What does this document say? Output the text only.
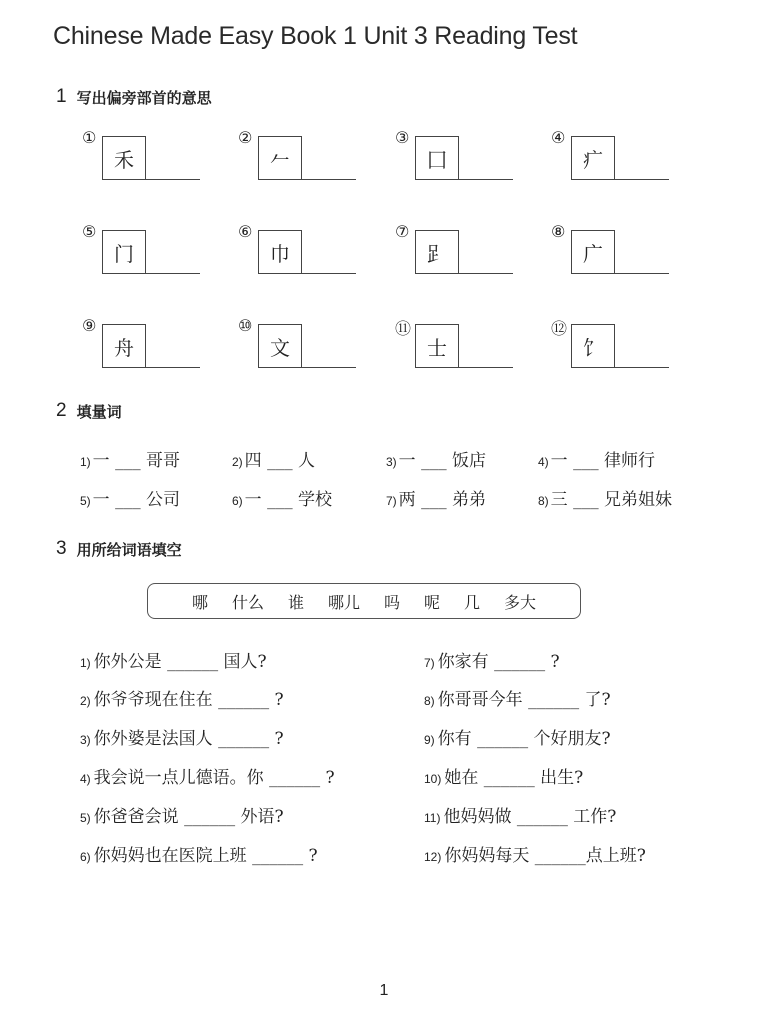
Chinese Made Easy Book 1 Unit 3 Reading Test
1 写出偏旁部首的意思
①
禾
②
𠂉
③
囗
④
疒
⑤
门
⑥
巾
⑦
𧾷
⑧
广
⑨
舟
⑩
文
⑪
士
⑫
饣
2 填量词
1) 一 ___ 哥哥	2) 四 ___ 人	3) 一 ___ 饭店	4) 一 ___ 律师行
5) 一 ___ 公司	6) 一 ___ 学校	7) 两 ___ 弟弟	8) 三 ___ 兄弟姐妹
3 用所给词语填空
哪 什么 谁 哪儿 吗 呢 几 多大
1) 你外公是 ______ 国人?
2) 你爷爷现在住在 ______ ?
3) 你外婆是法国人 ______ ?
4) 我会说一点儿德语。你 ______ ?
5) 你爸爸会说 ______ 外语?
6) 你妈妈也在医院上班 ______ ?
7) 你家有 ______ ?
8) 你哥哥今年 ______ 了?
9) 你有 ______ 个好朋友?
10) 她在 ______ 出生?
11) 他妈妈做 ______ 工作?
12) 你妈妈每天 ______点上班?
1
